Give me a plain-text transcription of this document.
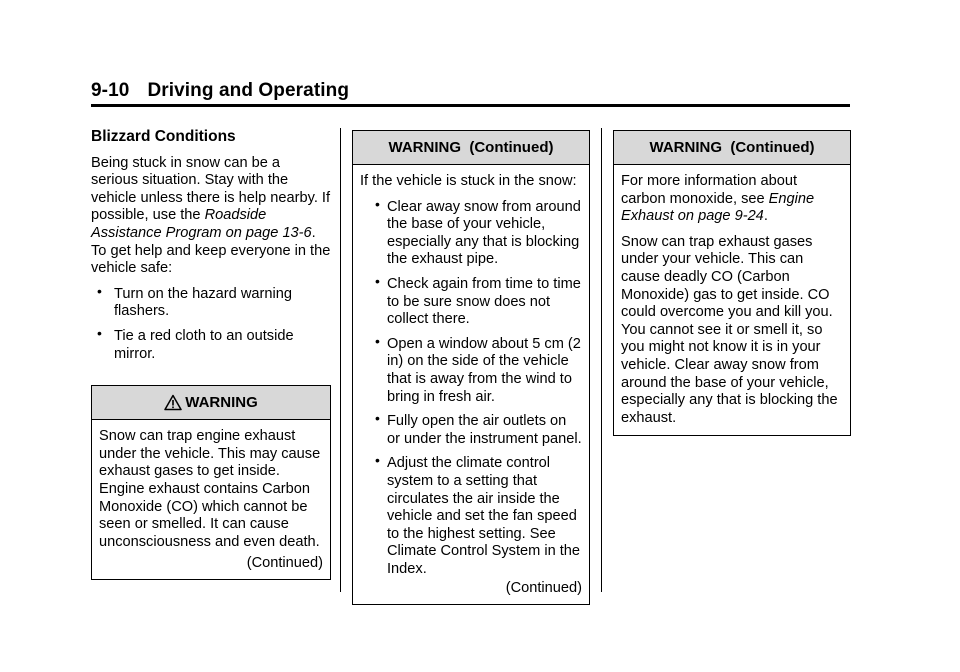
9-10 Driving and Operating
Blizzard Conditions

Being stuck in snow can be a serious situation. Stay with the vehicle unless there is help nearby. If possible, use the Roadside Assistance Program on page 13-6. To get help and keep everyone in the vehicle safe:

• Turn on the hazard warning flashers.
• Tie a red cloth to an outside mirror.
WARNING

Snow can trap engine exhaust under the vehicle. This may cause exhaust gases to get inside. Engine exhaust contains Carbon Monoxide (CO) which cannot be seen or smelled. It can cause unconsciousness and even death.

(Continued)
WARNING  (Continued)

If the vehicle is stuck in the snow:

• Clear away snow from around the base of your vehicle, especially any that is blocking the exhaust pipe.
• Check again from time to time to be sure snow does not collect there.
• Open a window about 5 cm (2 in) on the side of the vehicle that is away from the wind to bring in fresh air.
• Fully open the air outlets on or under the instrument panel.
• Adjust the climate control system to a setting that circulates the air inside the vehicle and set the fan speed to the highest setting. See Climate Control System in the Index.
(Continued)
WARNING  (Continued)

For more information about carbon monoxide, see Engine Exhaust on page 9-24.

Snow can trap exhaust gases under your vehicle. This can cause deadly CO (Carbon Monoxide) gas to get inside. CO could overcome you and kill you. You cannot see it or smell it, so you might not know it is in your vehicle. Clear away snow from around the base of your vehicle, especially any that is blocking the exhaust.
